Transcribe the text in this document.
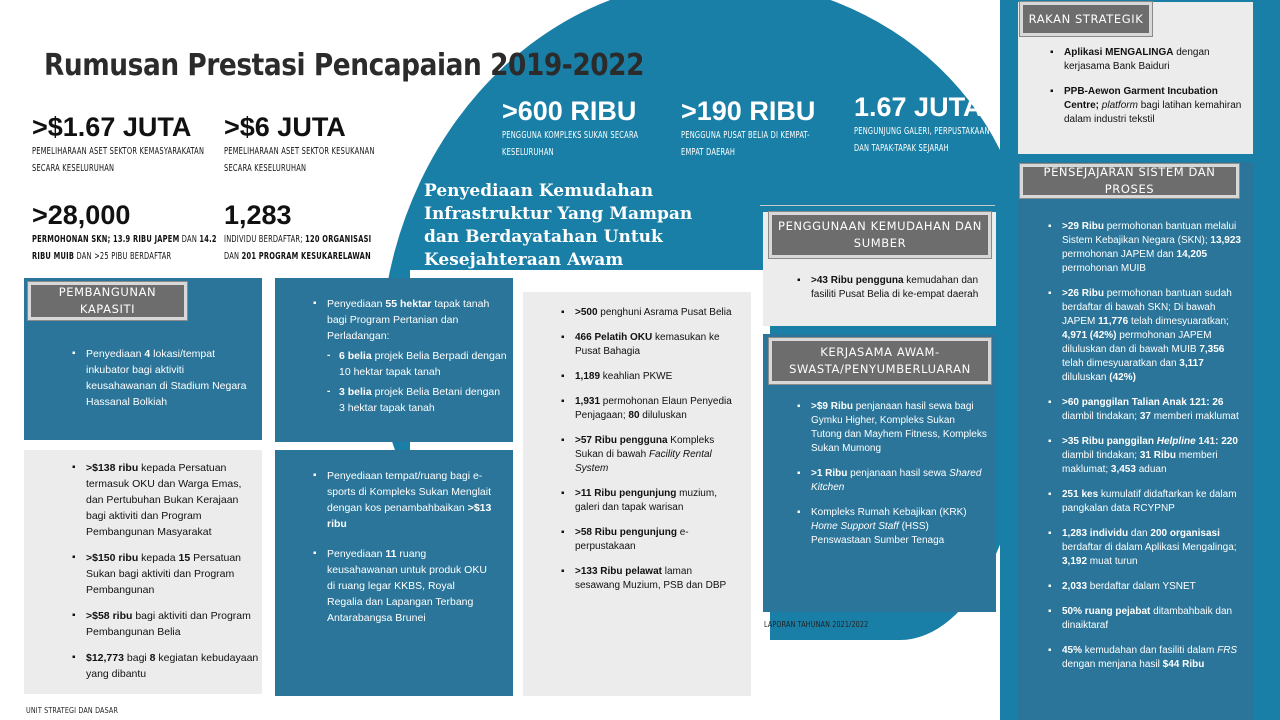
Rumusan Prestasi Pencapaian 2019-2022
>$1.67 JUTA
PEMELIHARAAN ASET SEKTOR KEMASYARAKATAN SECARA KESELURUHAN
>$6 JUTA
PEMELIHARAAN ASET SEKTOR KESUKANAN SECARA KESELURUHAN
>28,000
PERMOHONAN SKN; 13.9 RIBU JAPEM DAN 14.2 RIBU MUIB DAN >25 PIBU BERDAFTAR
1,283
INDIVIDU BERDAFTAR; 120 ORGANISASI DAN 201 PROGRAM KESUKARELAWAN
>600 RIBU
PENGGUNA KOMPLEKS SUKAN SECARA KESELURUHAN
>190 RIBU
PENGGUNA PUSAT BELIA DI KEMPAT-EMPAT DAERAH
1.67 JUTA
PENGUNJUNG GALERI, PERPUSTAKAAN DAN TAPAK-TAPAK SEJARAH
Penyediaan Kemudahan Infrastruktur Yang Mampan dan Berdayatahan Untuk Kesejahteraan Awam
▪ Penyediaan 4 lokasi/tempat inkubator bagi aktiviti keusahawanan di Stadium Negara Hassanal Bolkiah
PEMBANGUNAN KAPASITI
▪ >$138 ribu kepada Persatuan termasuk OKU dan Warga Emas, dan Pertubuhan Bukan Kerajaan bagi aktiviti dan Program Pembangunan Masyarakat
▪ >$150 ribu kepada 15 Persatuan Sukan bagi aktiviti dan Program Pembangunan
▪ >$58 ribu bagi aktiviti dan Program Pembangunan Belia
▪ $12,773 bagi 8 kegiatan kebudayaan yang dibantu
▪ Penyediaan 55 hektar tapak tanah bagi Program Pertanian dan Perladangan:
- 6 belia projek Belia Berpadi dengan 10 hektar tapak tanah
- 3 belia projek Belia Betani dengan 3 hektar tapak tanah
▪ Penyediaan tempat/ruang bagi e-sports di Kompleks Sukan Menglait dengan kos penambahbaikan >$13 ribu
▪ Penyediaan 11 ruang keusahawanan untuk produk OKU di ruang legar KKBS, Royal Regalia dan Lapangan Terbang Antarabangsa Brunei
▪ >500 penghuni Asrama Pusat Belia
▪ 466 Pelatih OKU kemasukan ke Pusat Bahagia
▪ 1,189 keahlian PKWE
▪ 1,931 permohonan Elaun Penyedia Penjagaan; 80 diluluskan
▪ >57 Ribu pengguna Kompleks Sukan di bawah Facility Rental System
▪ >11 Ribu pengunjung muzium, galeri dan tapak warisan
▪ >58 Ribu pengunjung e-perpustakaan
▪ >133 Ribu pelawat laman sesawang Muzium, PSB dan DBP
▪ >43 Ribu pengguna kemudahan dan fasiliti Pusat Belia di ke-empat daerah
PENGGUNAAN KEMUDAHAN DAN SUMBER
▪ >$9 Ribu penjanaan hasil sewa bagi Gymku Higher, Kompleks Sukan Tutong dan Mayhem Fitness, Kompleks Sukan Mumong
▪ >1 Ribu penjanaan hasil sewa Shared Kitchen
▪ Kompleks Rumah Kebajikan (KRK) Home Support Staff (HSS) Penswastaan Sumber Tenaga
KERJASAMA AWAM-SWASTA/PENYUMBERLUARAN
▪ Aplikasi MENGALINGA dengan kerjasama Bank Baiduri
▪ PPB-Aewon Garment Incubation Centre; platform bagi latihan kemahiran dalam industri tekstil
RAKAN STRATEGIK
▪ >29 Ribu permohonan bantuan melalui Sistem Kebajikan Negara (SKN); 13,923 permohonan JAPEM dan 14,205 permohonan MUIB
▪ >26 Ribu permohonan bantuan sudah berdaftar di bawah SKN; Di bawah JAPEM 11,776 telah dimesyuaratkan; 4,971 (42%) permohonan JAPEM diluluskan dan di bawah MUIB 7,356 telah dimesyuaratkan dan 3,117 diluluskan (42%)
▪ >60 panggilan Talian Anak 121: 26 diambil tindakan; 37 memberi maklumat
▪ >35 Ribu panggilan Helpline 141: 220 diambil tindakan; 31 Ribu memberi maklumat; 3,453 aduan
▪ 251 kes kumulatif didaftarkan ke dalam pangkalan data RCYPNP
▪ 1,283 individu dan 200 organisasi berdaftar di dalam Aplikasi Mengalinga; 3,192 muat turun
▪ 2,033 berdaftar dalam YSNET
▪ 50% ruang pejabat ditambahbaik dan dinaiktaraf
▪ 45% kemudahan dan fasiliti dalam FRS dengan menjana hasil $44 Ribu
PENSEJAJARAN SISTEM DAN PROSES
UNIT STRATEGI DAN DASAR
LAPORAN TAHUNAN 2021/2022
